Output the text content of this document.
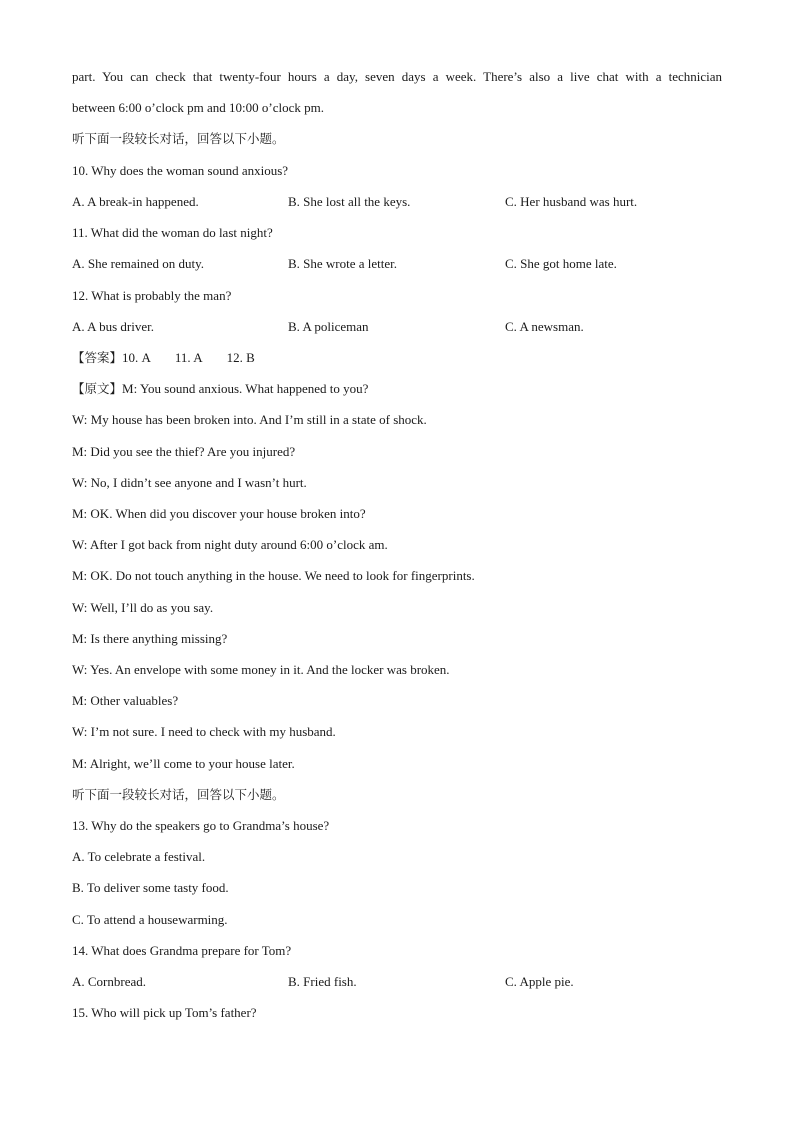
part. You can check that twenty-four hours a day, seven days a week. There’s also a live chat with a technician
between 6:00 o’clock pm and 10:00 o’clock pm.
听下面一段较长对话，回答以下小题。
10. Why does the woman sound anxious?
A. A break-in happened.	B. She lost all the keys.	C. Her husband was hurt.
11. What did the woman do last night?
A. She remained on duty.	B. She wrote a letter.	C. She got home late.
12. What is probably the man?
A. A bus driver.	B. A policeman	C. A newsman.
【答案】10. A 11. A 12. B
【原文】M: You sound anxious. What happened to you?
W: My house has been broken into. And I’m still in a state of shock.
M: Did you see the thief? Are you injured?
W: No, I didn’t see anyone and I wasn’t hurt.
M: OK. When did you discover your house broken into?
W: After I got back from night duty around 6:00 o’clock am.
M: OK. Do not touch anything in the house. We need to look for fingerprints.
W: Well, I’ll do as you say.
M: Is there anything missing?
W: Yes. An envelope with some money in it. And the locker was broken.
M: Other valuables?
W: I’m not sure. I need to check with my husband.
M: Alright, we’ll come to your house later.
听下面一段较长对话，回答以下小题。
13. Why do the speakers go to Grandma’s house?
A. To celebrate a festival.
B. To deliver some tasty food.
C. To attend a housewarming.
14. What does Grandma prepare for Tom?
A. Cornbread.	B. Fried fish.	C. Apple pie.
15. Who will pick up Tom’s father?
